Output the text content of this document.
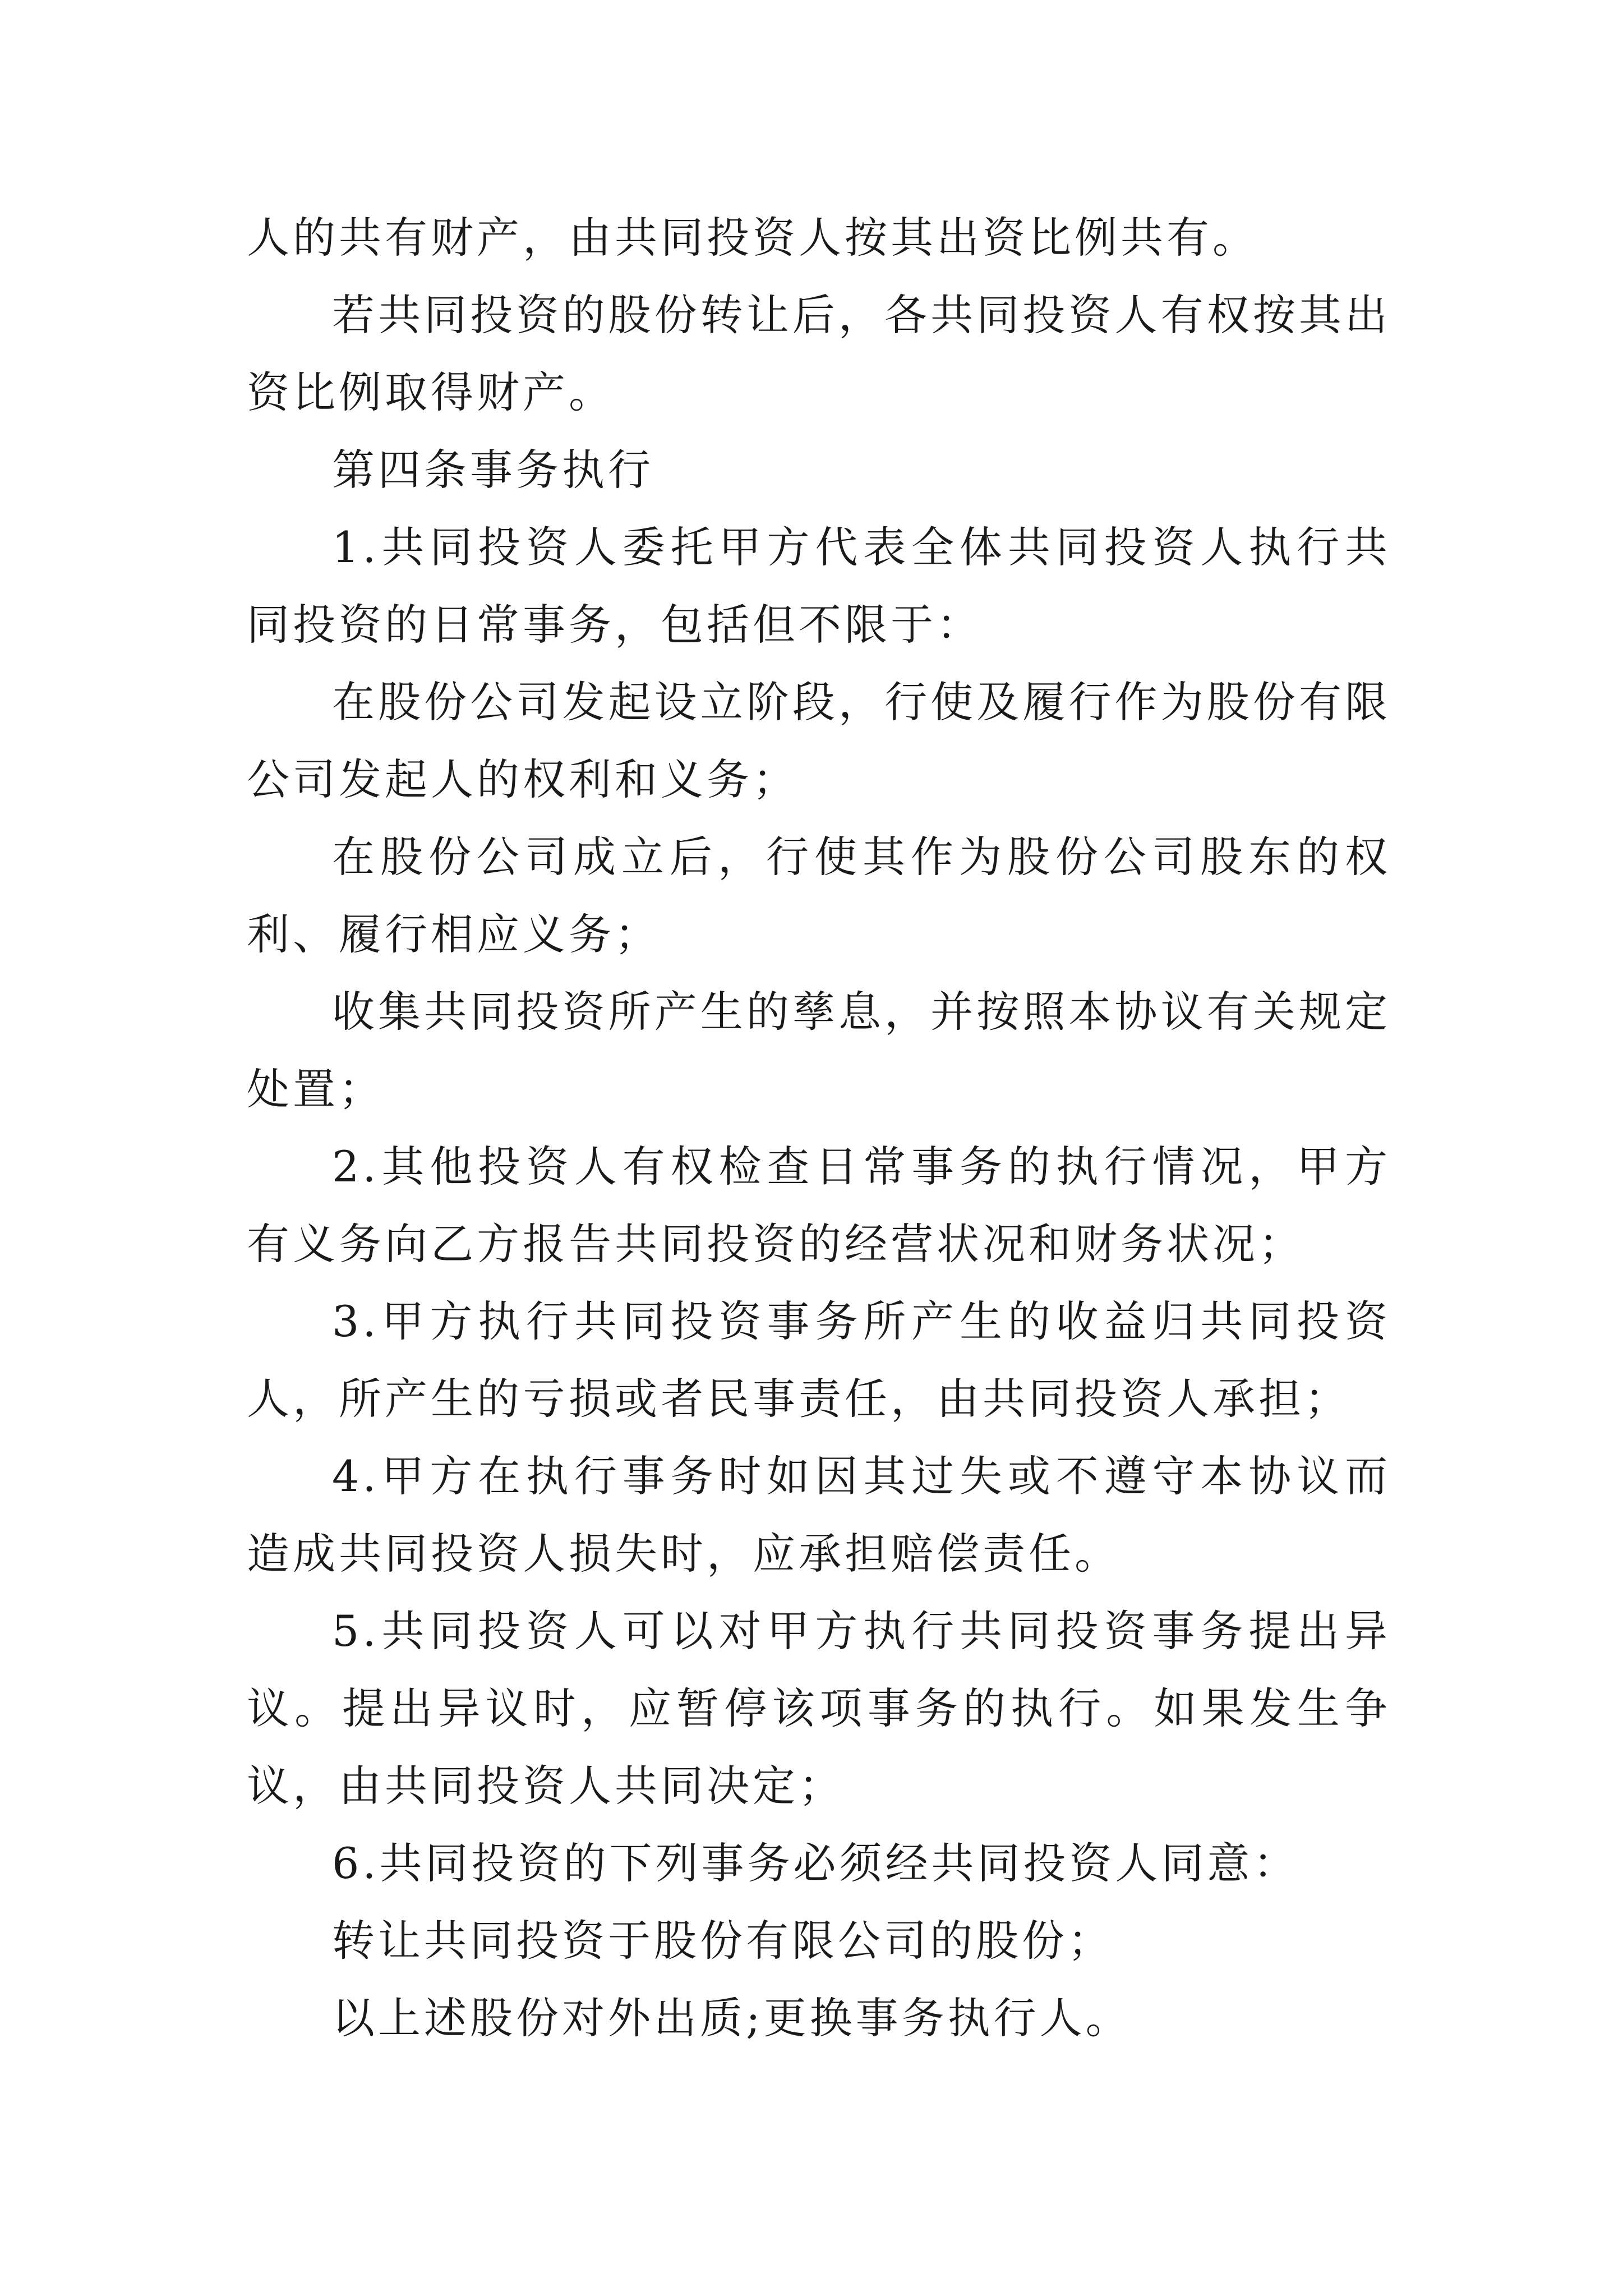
人的共有财产，由共同投资人按其出资比例共有。

若共同投资的股份转让后，各共同投资人有权按其出资比例取得财产。

第四条事务执行

1.共同投资人委托甲方代表全体共同投资人执行共同投资的日常事务，包括但不限于：

在股份公司发起设立阶段，行使及履行作为股份有限公司发起人的权利和义务；

在股份公司成立后，行使其作为股份公司股东的权利、履行相应义务；

收集共同投资所产生的孳息，并按照本协议有关规定处置；

2.其他投资人有权检查日常事务的执行情况，甲方有义务向乙方报告共同投资的经营状况和财务状况；

3.甲方执行共同投资事务所产生的收益归共同投资人，所产生的亏损或者民事责任，由共同投资人承担；

4.甲方在执行事务时如因其过失或不遵守本协议而造成共同投资人损失时，应承担赔偿责任。

5.共同投资人可以对甲方执行共同投资事务提出异议。提出异议时，应暂停该项事务的执行。如果发生争议，由共同投资人共同决定；

6.共同投资的下列事务必须经共同投资人同意：

转让共同投资于股份有限公司的股份；

以上述股份对外出质;更换事务执行人。
